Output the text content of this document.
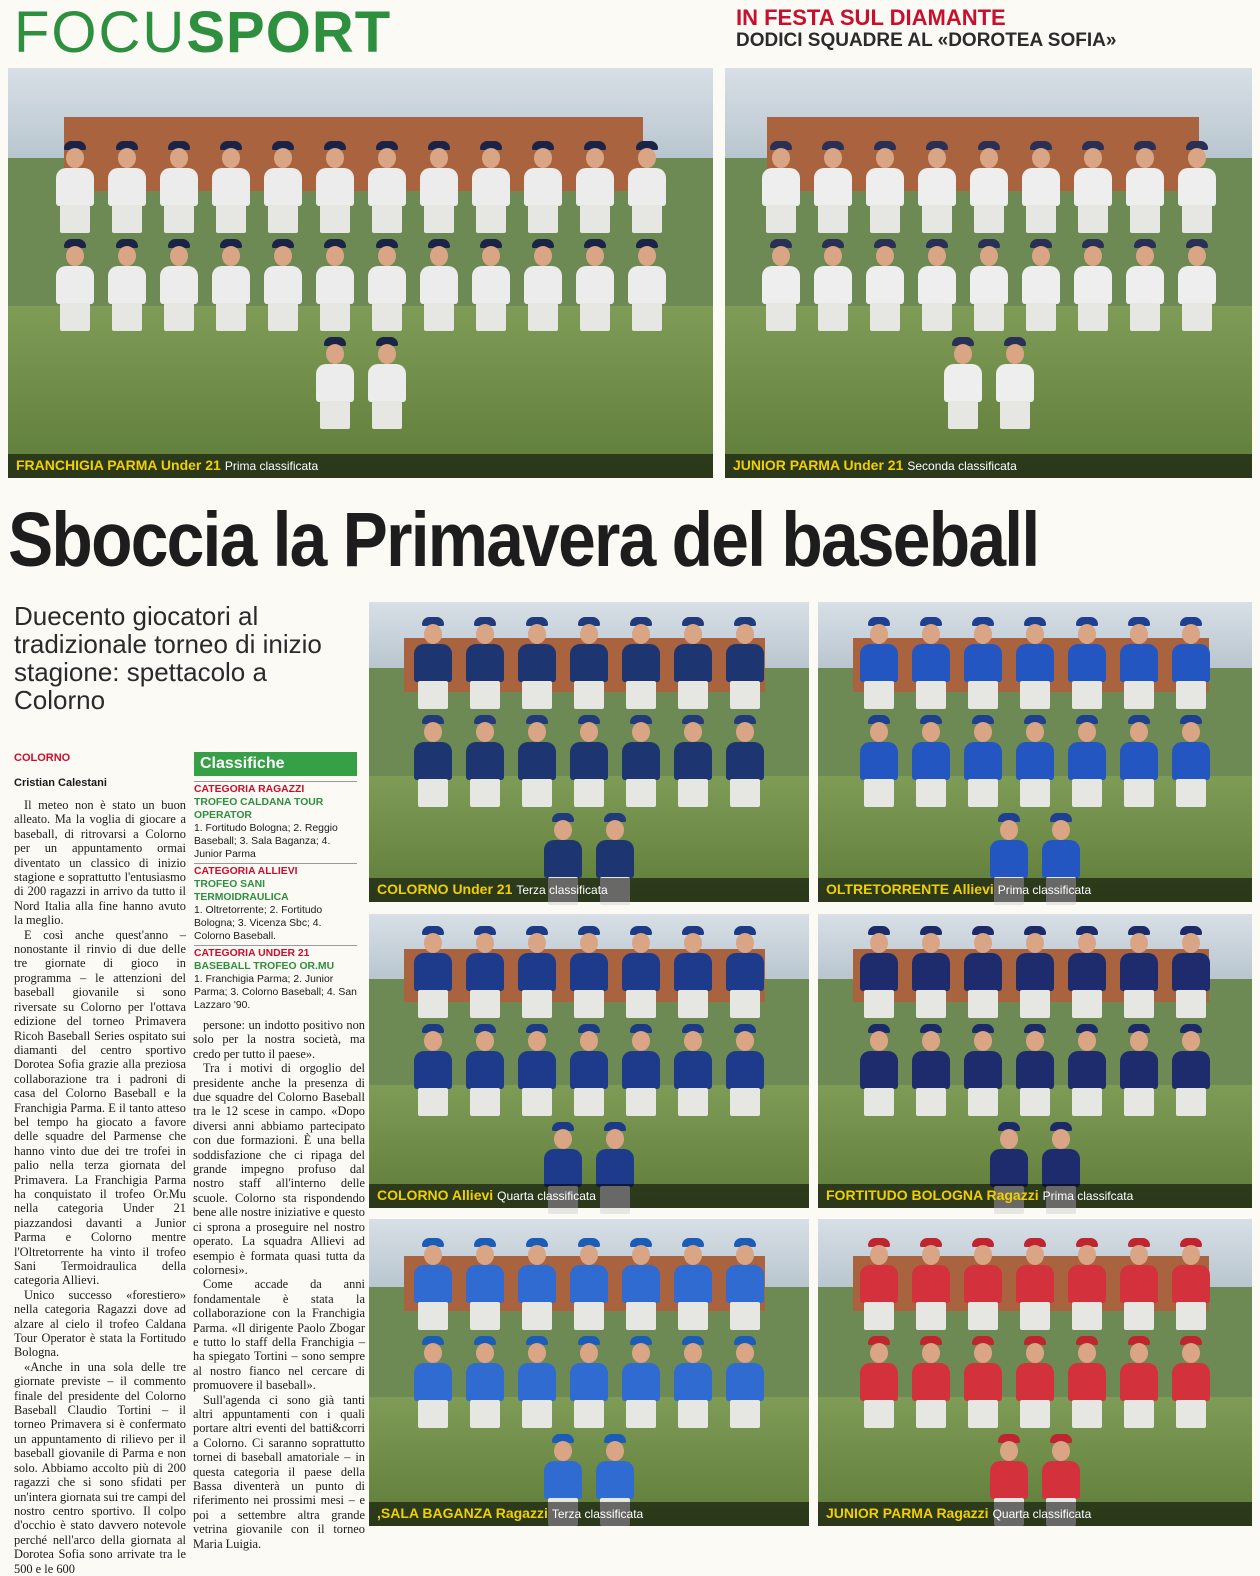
FOCU SPORT	IN FESTA SUL DIAMANTE
DODICI SQUADRE AL «DOROTEA SOFIA»
FRANCHIGIA PARMA Under 21 Prima classificata	JUNIOR PARMA Under 21 Seconda classificata
Sboccia la Primavera del baseball
Duecento giocatori al tradizionale torneo di inizio stagione: spettacolo a Colorno
COLORNO
Cristian Calestani
COLORNO Under 21 Terza classificata	OLTRETORRENTE Allievi Prima classificata
COLORNO Allievi Quarta classificata	FORTITUDO BOLOGNA Ragazzi Prima classifcata
,SALA BAGANZA Ragazzi Terza classificata	JUNIOR PARMA Ragazzi Quarta classificata
Classifiche
CATEGORIA RAGAZZI
TROFEO CALDANA TOUR OPERATOR
1. Fortitudo Bologna; 2. Reggio Baseball; 3. Sala Baganza; 4. Junior Parma
CATEGORIA ALLIEVI
TROFEO SANI TERMOIDRAULICA
1. Oltretorrente; 2. Fortitudo Bologna; 3. Vicenza Sbc; 4. Colorno Baseball.
CATEGORIA UNDER 21
BASEBALL TROFEO OR.MU
1. Franchigia Parma; 2. Junior Parma; 3. Colorno Baseball; 4. San Lazzaro '90.

Il meteo non è stato un buon alleato. Ma la voglia di giocare a baseball, di ritrovarsi a Colorno per un appuntamento ormai diventato un classico di inizio stagione e soprattutto l'entusiasmo di 200 ragazzi in arrivo da tutto il Nord Italia alla fine hanno avuto la meglio.

E così anche quest'anno – nonostante il rinvio di due delle tre giornate di gioco in programma – le attenzioni del baseball giovanile si sono riversate su Colorno per l'ottava edizione del torneo Primavera Ricoh Baseball Series ospitato sui diamanti del centro sportivo Dorotea Sofia grazie alla preziosa collaborazione tra i padroni di casa del Colorno Baseball e la Franchigia Parma. E il tanto atteso bel tempo ha giocato a favore delle squadre del Parmense che hanno vinto due dei tre trofei in palio nella terza giornata del Primavera. La Franchigia Parma ha conquistato il trofeo Or.Mu nella categoria Under 21 piazzandosi davanti a Junior Parma e Colorno mentre l'Oltretorrente ha vinto il trofeo Sani Termoidraulica della categoria Allievi.

Unico successo «forestiero» nella categoria Ragazzi dove ad alzare al cielo il trofeo Caldana Tour Operator è stata la Fortitudo Bologna.

«Anche in una sola delle tre giornate previste – il commento finale del presidente del Colorno Baseball Claudio Tortini – il torneo Primavera si è confermato un appuntamento di rilievo per il baseball giovanile di Parma e non solo. Abbiamo accolto più di 200 ragazzi che si sono sfidati per un'intera giornata sui tre campi del nostro centro sportivo. Il colpo d'occhio è stato davvero notevole perché nell'arco della giornata al Dorotea Sofia sono arrivate tra le 500 e le 600

persone: un indotto positivo non solo per la nostra società, ma credo per tutto il paese».

Tra i motivi di orgoglio del presidente anche la presenza di due squadre del Colorno Baseball tra le 12 scese in campo. «Dopo diversi anni abbiamo partecipato con due formazioni. È una bella soddisfazione che ci ripaga del grande impegno profuso dal nostro staff all'interno delle scuole. Colorno sta rispondendo bene alle nostre iniziative e questo ci sprona a proseguire nel nostro operato. La squadra Allievi ad esempio è formata quasi tutta da colornesi».

Come accade da anni fondamentale è stata la collaborazione con la Franchigia Parma. «Il dirigente Paolo Zbogar e tutto lo staff della Franchigia – ha spiegato Tortini – sono sempre al nostro fianco nel cercare di promuovere il baseball».

Sull'agenda ci sono già tanti altri appuntamenti con i quali portare altri eventi del batti&corri a Colorno. Ci saranno soprattutto tornei di baseball amatoriale – in questa categoria il paese della Bassa diventerà un punto di riferimento nei prossimi mesi – e poi a settembre altra grande vetrina giovanile con il torneo Maria Luigia.
